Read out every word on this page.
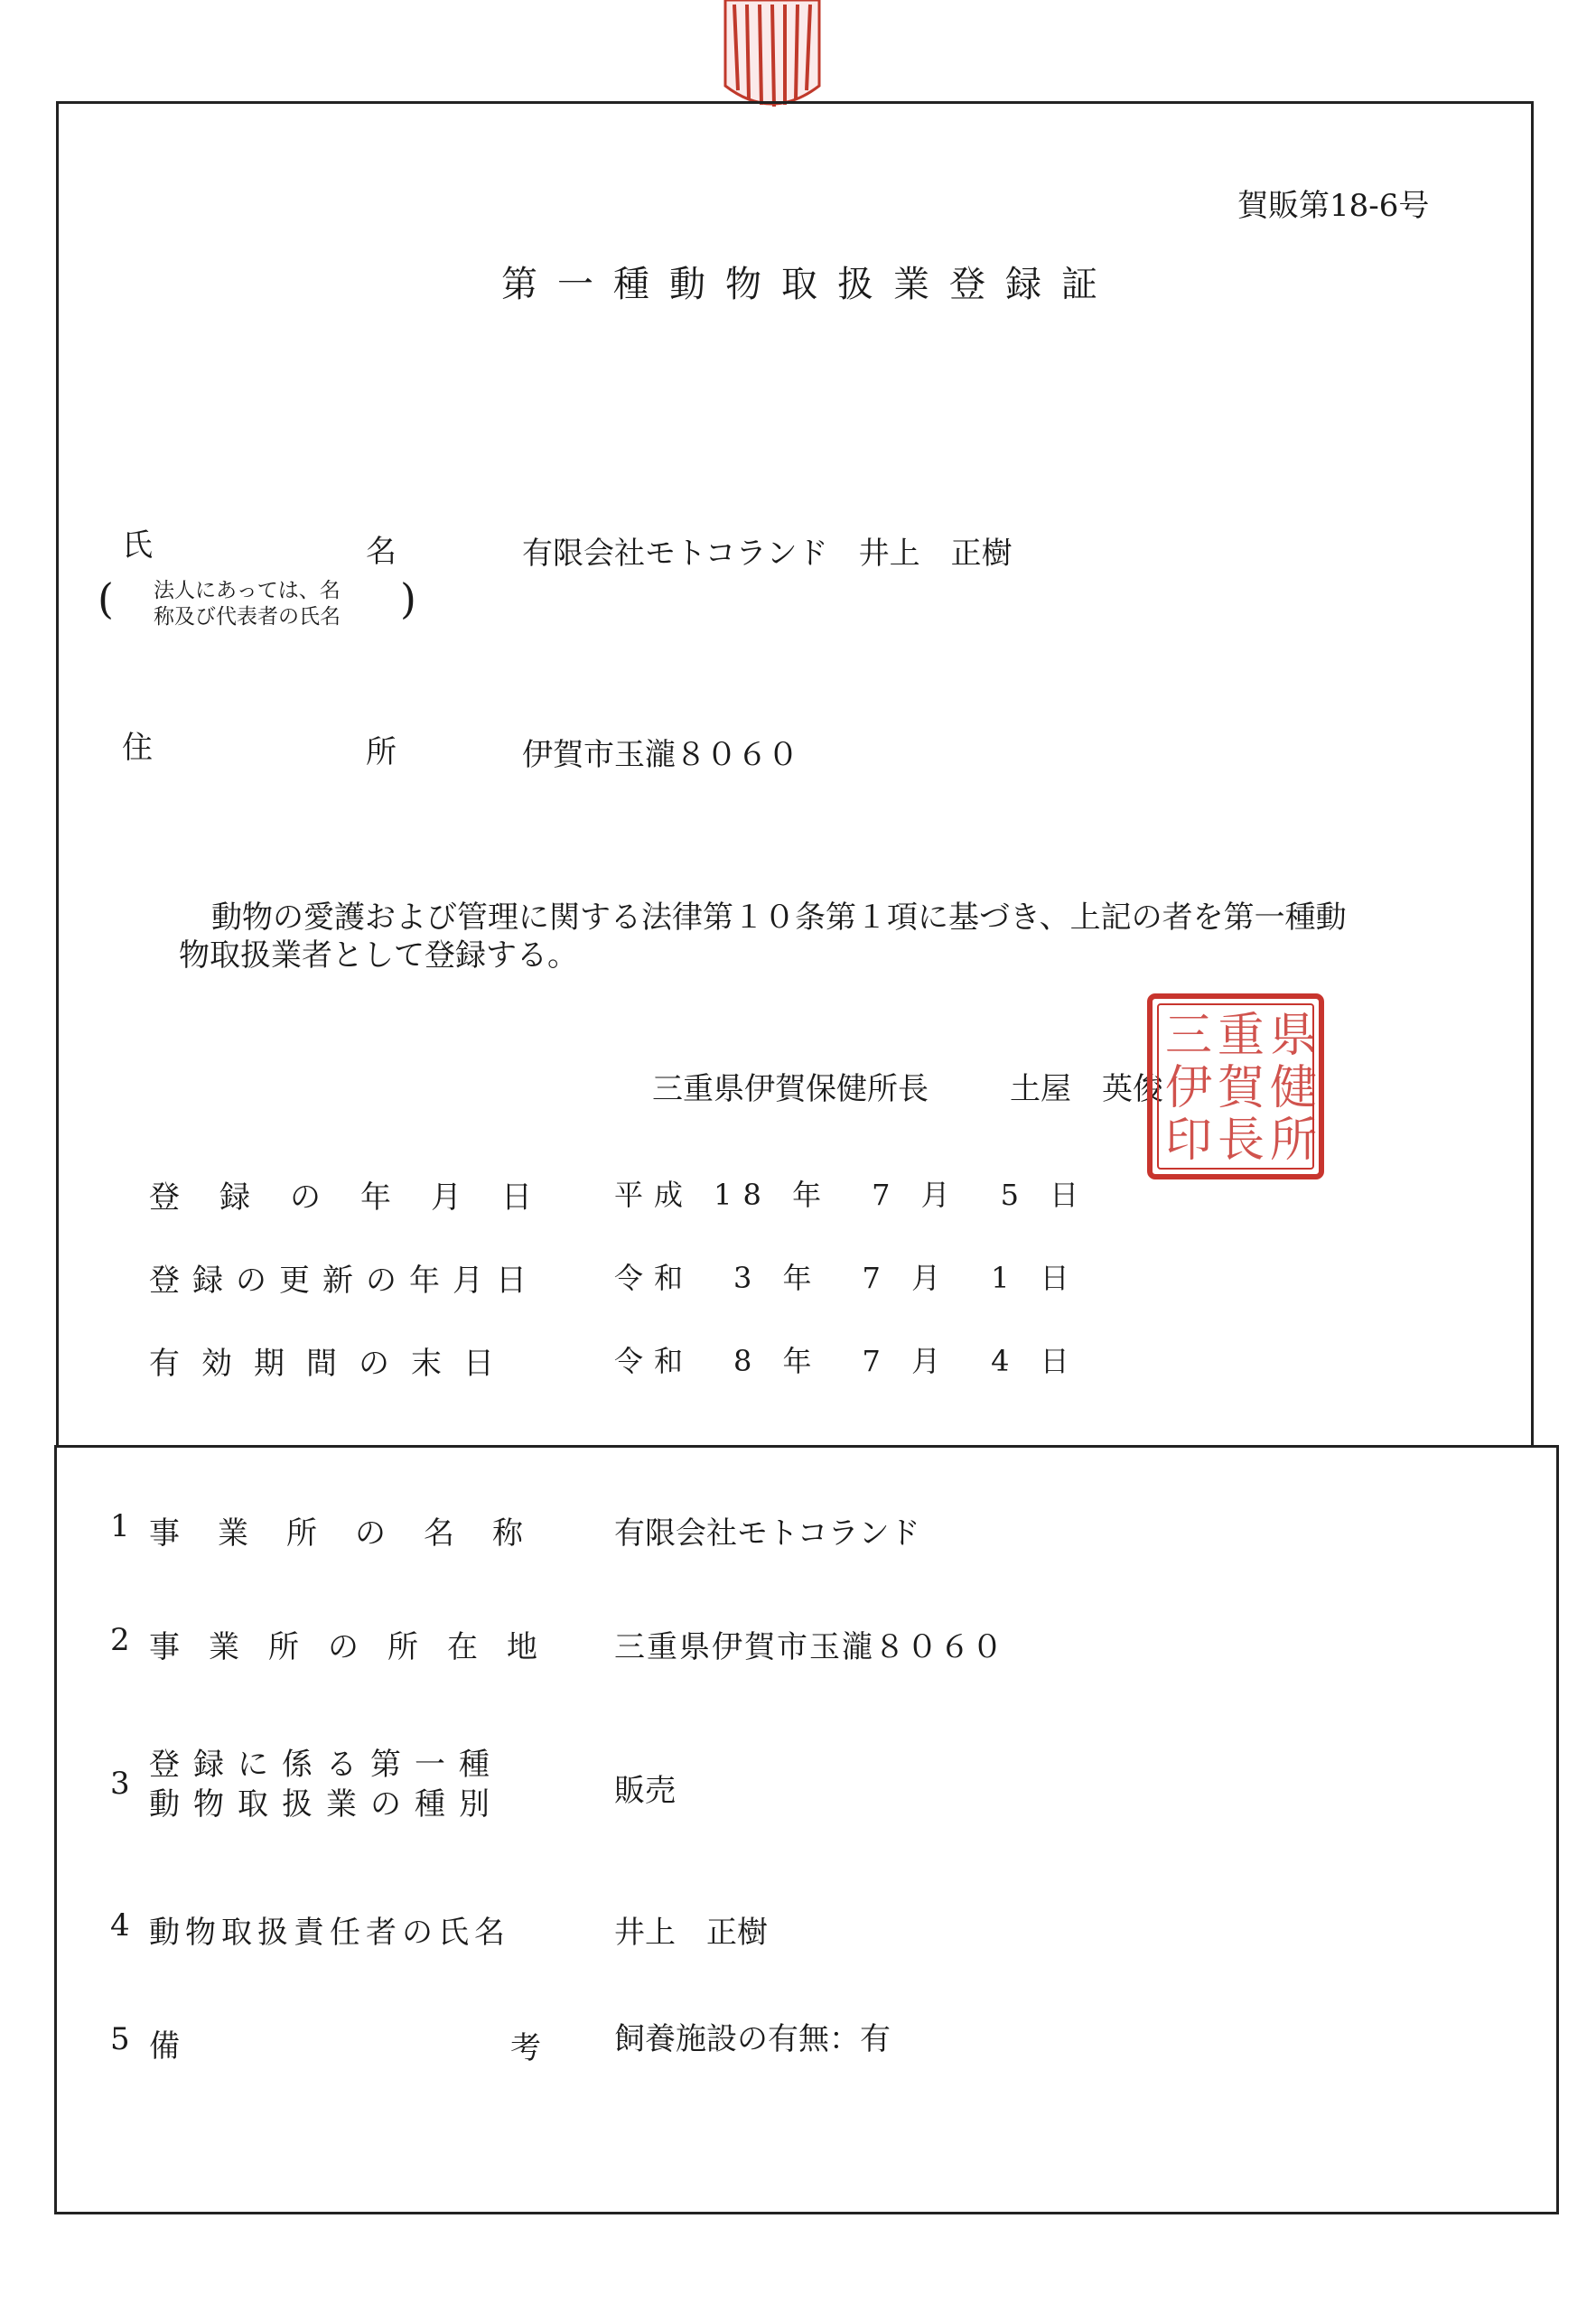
賀販第18-6号
第一種動物取扱業登録証
氏	名
( 法人にあっては、名
称及び代表者の氏名 )
有限会社モトコランド　井上　正樹
住	所	伊賀市玉瀧８０６０
動物の愛護および管理に関する法律第１０条第１項に基づき、上記の者を第一種動
物取扱業者として登録する。
三重県伊賀保健所長	土屋　英俊
県
健
所
重
賀
長
三
伊
印
登録の年月日 平成 18 年　7 月　5 日
登録の更新の年月日	令和　3 年　7 月　1 日
有効期間の末日	令和　8 年　7 月　4 日
1 事業所の名称 有限会社モトコランド
2 事業所の所在地 三重県伊賀市玉瀧８０６０
3
登録に係る第一種
動物取扱業の種別	販売
4 動物取扱責任者の氏名	井上　正樹
5 備	考 飼養施設の有無：有
